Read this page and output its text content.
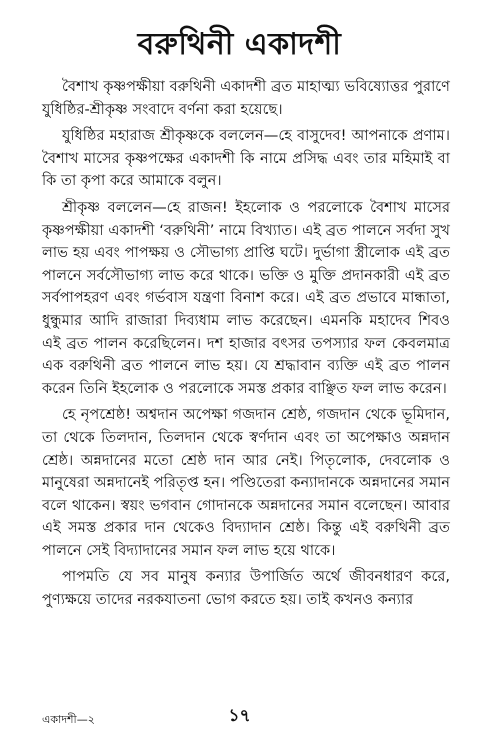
বরুথিনী একাদশী

বৈশাখ কৃষ্ণপক্ষীয়া বরুথিনী একাদশী ব্রত মাহাত্ম্য ভবিষ্যোত্তর পুরাণে যুধিষ্ঠির-শ্রীকৃষ্ণ সংবাদে বর্ণনা করা হয়েছে।

যুধিষ্ঠির মহারাজ শ্রীকৃষ্ণকে বললেন—হে বাসুদেব! আপনাকে প্রণাম। বৈশাখ মাসের কৃষ্ণপক্ষের একাদশী কি নামে প্রসিদ্ধ এবং তার মহিমাই বা কি তা কৃপা করে আমাকে বলুন।

শ্রীকৃষ্ণ বললেন—হে রাজন! ইহলোক ও পরলোকে বৈশাখ মাসের কৃষ্ণপক্ষীয়া একাদশী ‘বরুথিনী’ নামে বিখ্যাত। এই ব্রত পালনে সর্বদা সুখ লাভ হয় এবং পাপক্ষয় ও সৌভাগ্য প্রাপ্তি ঘটে। দুর্ভাগা স্ত্রীলোক এই ব্রত পালনে সর্বসৌভাগ্য লাভ করে থাকে। ভক্তি ও মুক্তি প্রদানকারী এই ব্রত সর্বপাপহরণ এবং গর্ভবাস যন্ত্রণা বিনাশ করে। এই ব্রত প্রভাবে মান্ধাতা, ধুন্ধুমার আদি রাজারা দিব্যধাম লাভ করেছেন। এমনকি মহাদেব শিবও এই ব্রত পালন করেছিলেন। দশ হাজার বৎসর তপস্যার ফল কেবলমাত্র এক বরুথিনী ব্রত পালনে লাভ হয়। যে শ্রদ্ধাবান ব্যক্তি এই ব্রত পালন করেন তিনি ইহলোক ও পরলোকে সমস্ত প্রকার বাঞ্ছিত ফল লাভ করেন।

হে নৃপশ্রেষ্ঠ! অশ্বদান অপেক্ষা গজদান শ্রেষ্ঠ, গজদান থেকে ভূমিদান, তা থেকে তিলদান, তিলদান থেকে স্বর্ণদান এবং তা অপেক্ষাও অন্নদান শ্রেষ্ঠ। অন্নদানের মতো শ্রেষ্ঠ দান আর নেই। পিতৃলোক, দেবলোক ও মানুষেরা অন্নদানেই পরিতৃপ্ত হন। পণ্ডিতেরা কন্যাদানকে অন্নদানের সমান বলে থাকেন। স্বয়ং ভগবান গোদানকে অন্নদানের সমান বলেছেন। আবার এই সমস্ত প্রকার দান থেকেও বিদ্যাদান শ্রেষ্ঠ। কিন্তু এই বরুথিনী ব্রত পালনে সেই বিদ্যাদানের সমান ফল লাভ হয়ে থাকে।

পাপমতি যে সব মানুষ কন্যার উপার্জিত অর্থে জীবনধারণ করে, পুণ্যক্ষয়ে তাদের নরকযাতনা ভোগ করতে হয়। তাই কখনও কন্যার

একাদশী—২	১৭
